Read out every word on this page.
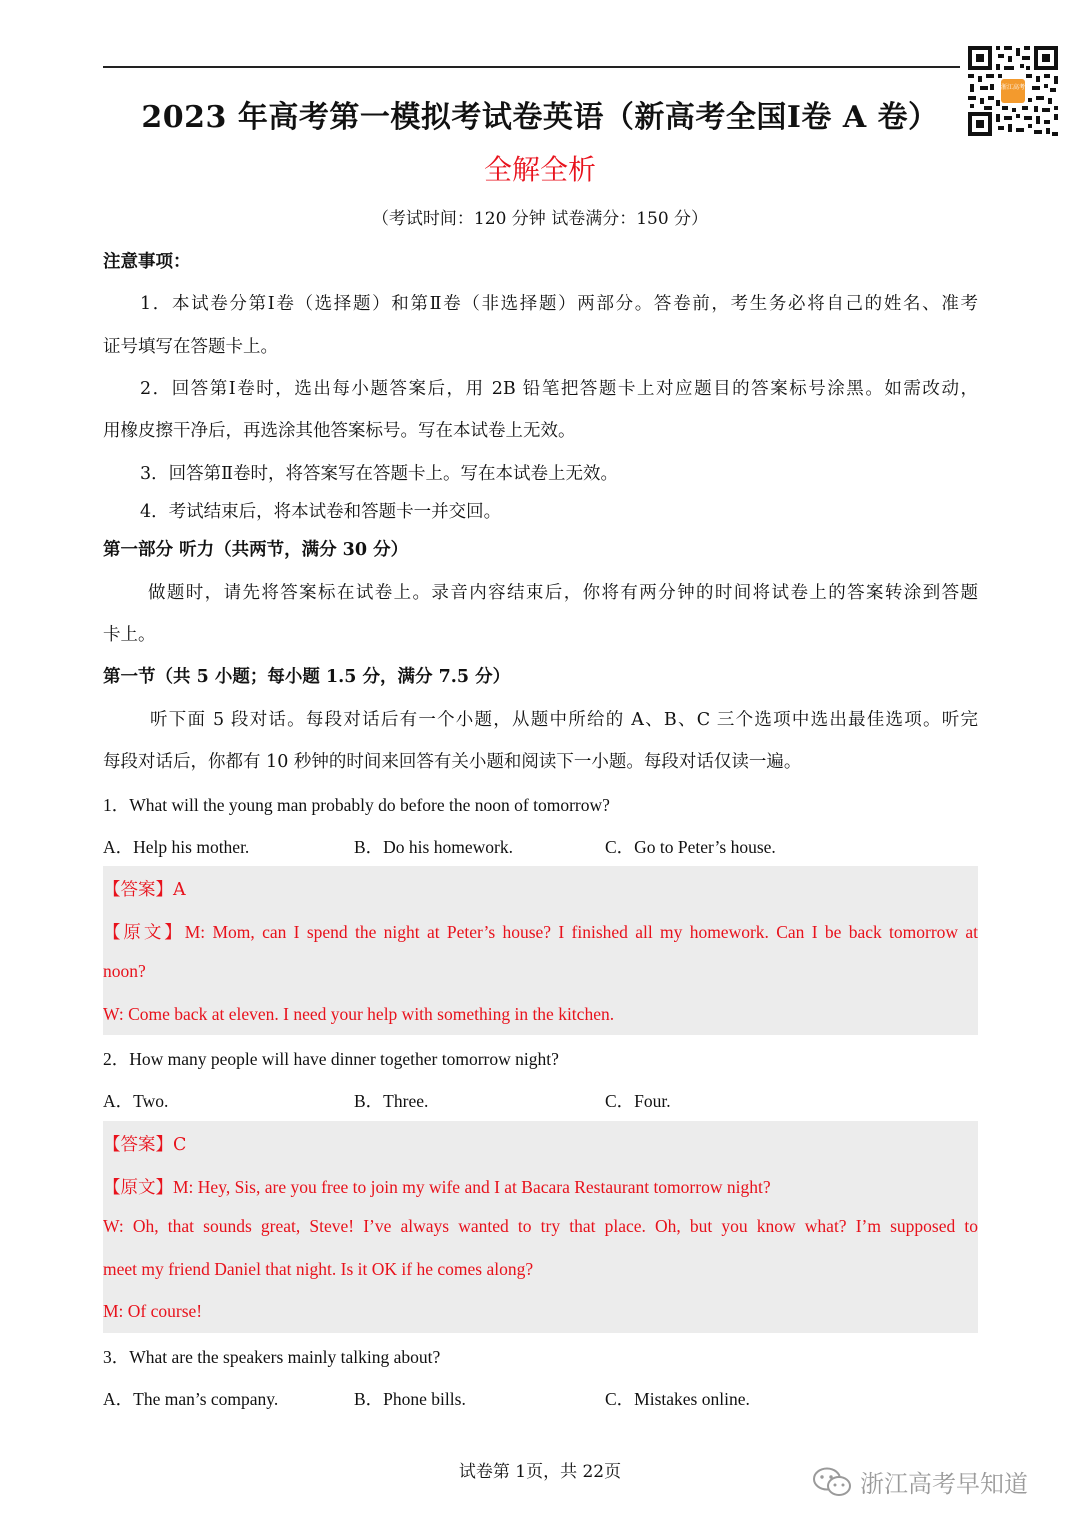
浙江高考
2023 年高考第一模拟考试卷英语（新高考全国Ⅰ卷 A 卷）
全解全析
（考试时间：120 分钟 试卷满分：150 分）
注意事项：
1．本试卷分第Ⅰ卷（选择题）和第Ⅱ卷（非选择题）两部分。答卷前，考生务必将自己的姓名、准考
证号填写在答题卡上。
2．回答第Ⅰ卷时，选出每小题答案后，用 2B 铅笔把答题卡上对应题目的答案标号涂黑。如需改动，
用橡皮擦干净后，再选涂其他答案标号。写在本试卷上无效。
3．回答第Ⅱ卷时，将答案写在答题卡上。写在本试卷上无效。
4．考试结束后，将本试卷和答题卡一并交回。
第一部分 听力（共两节，满分 30 分）
做题时，请先将答案标在试卷上。录音内容结束后，你将有两分钟的时间将试卷上的答案转涂到答题
卡上。
第一节（共 5 小题；每小题 1.5 分，满分 7.5 分）
听下面 5 段对话。每段对话后有一个小题，从题中所给的 A、B、C 三个选项中选出最佳选项。听完
每段对话后，你都有 10 秒钟的时间来回答有关小题和阅读下一小题。每段对话仅读一遍。
1．What will the young man probably do before the noon of tomorrow?
A．Help his mother.	B．Do his homework.	C．Go to Peter’s house.
【答案】A
【原文】M: Mom, can I spend the night at Peter’s house? I finished all my homework. Can I be back tomorrow at
noon?
W: Come back at eleven. I need your help with something in the kitchen.
2．How many people will have dinner together tomorrow night?
A．Two.	B．Three.	C．Four.
【答案】C
【原文】M: Hey, Sis, are you free to join my wife and I at Bacara Restaurant tomorrow night?
W: Oh, that sounds great, Steve! I’ve always wanted to try that place. Oh, but you know what? I’m supposed to
meet my friend Daniel that night. Is it OK if he comes along?
M: Of course!
3．What are the speakers mainly talking about?
A．The man’s company.	B．Phone bills.	C．Mistakes online.
试卷第 1页，共 22页	浙江高考早知道
